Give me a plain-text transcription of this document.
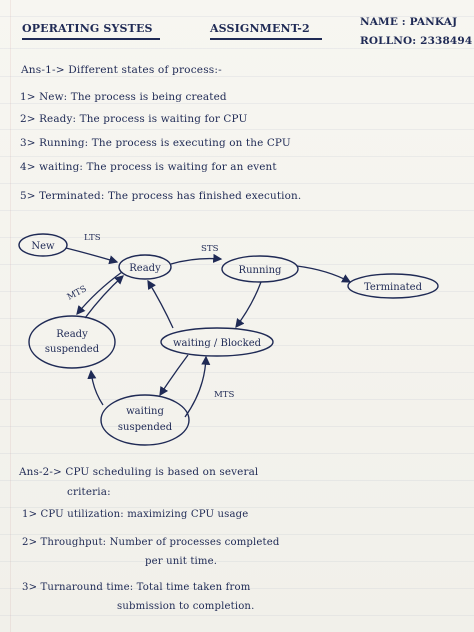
OPERATING SYSTES	ASSIGNMENT-2	NAME : PANKAJ
ROLLNO: 2338494
Ans-1-> Different states of process:-
1> New: The process is being created
2> Ready: The process is waiting for CPU
3> Running: The process is executing on the CPU
4> waiting: The process is waiting for an event
5> Terminated: The process has finished execution.
New
Ready	Running
Terminated
Ready
suspended
waiting / Blocked
waiting
suspended
LTS
STS
MTS
MTS
Ans-2-> CPU scheduling is based on several
criteria:
1> CPU utilization: maximizing CPU usage
2> Throughput: Number of processes completed
per unit time.
3> Turnaround time: Total time taken from
submission to completion.
